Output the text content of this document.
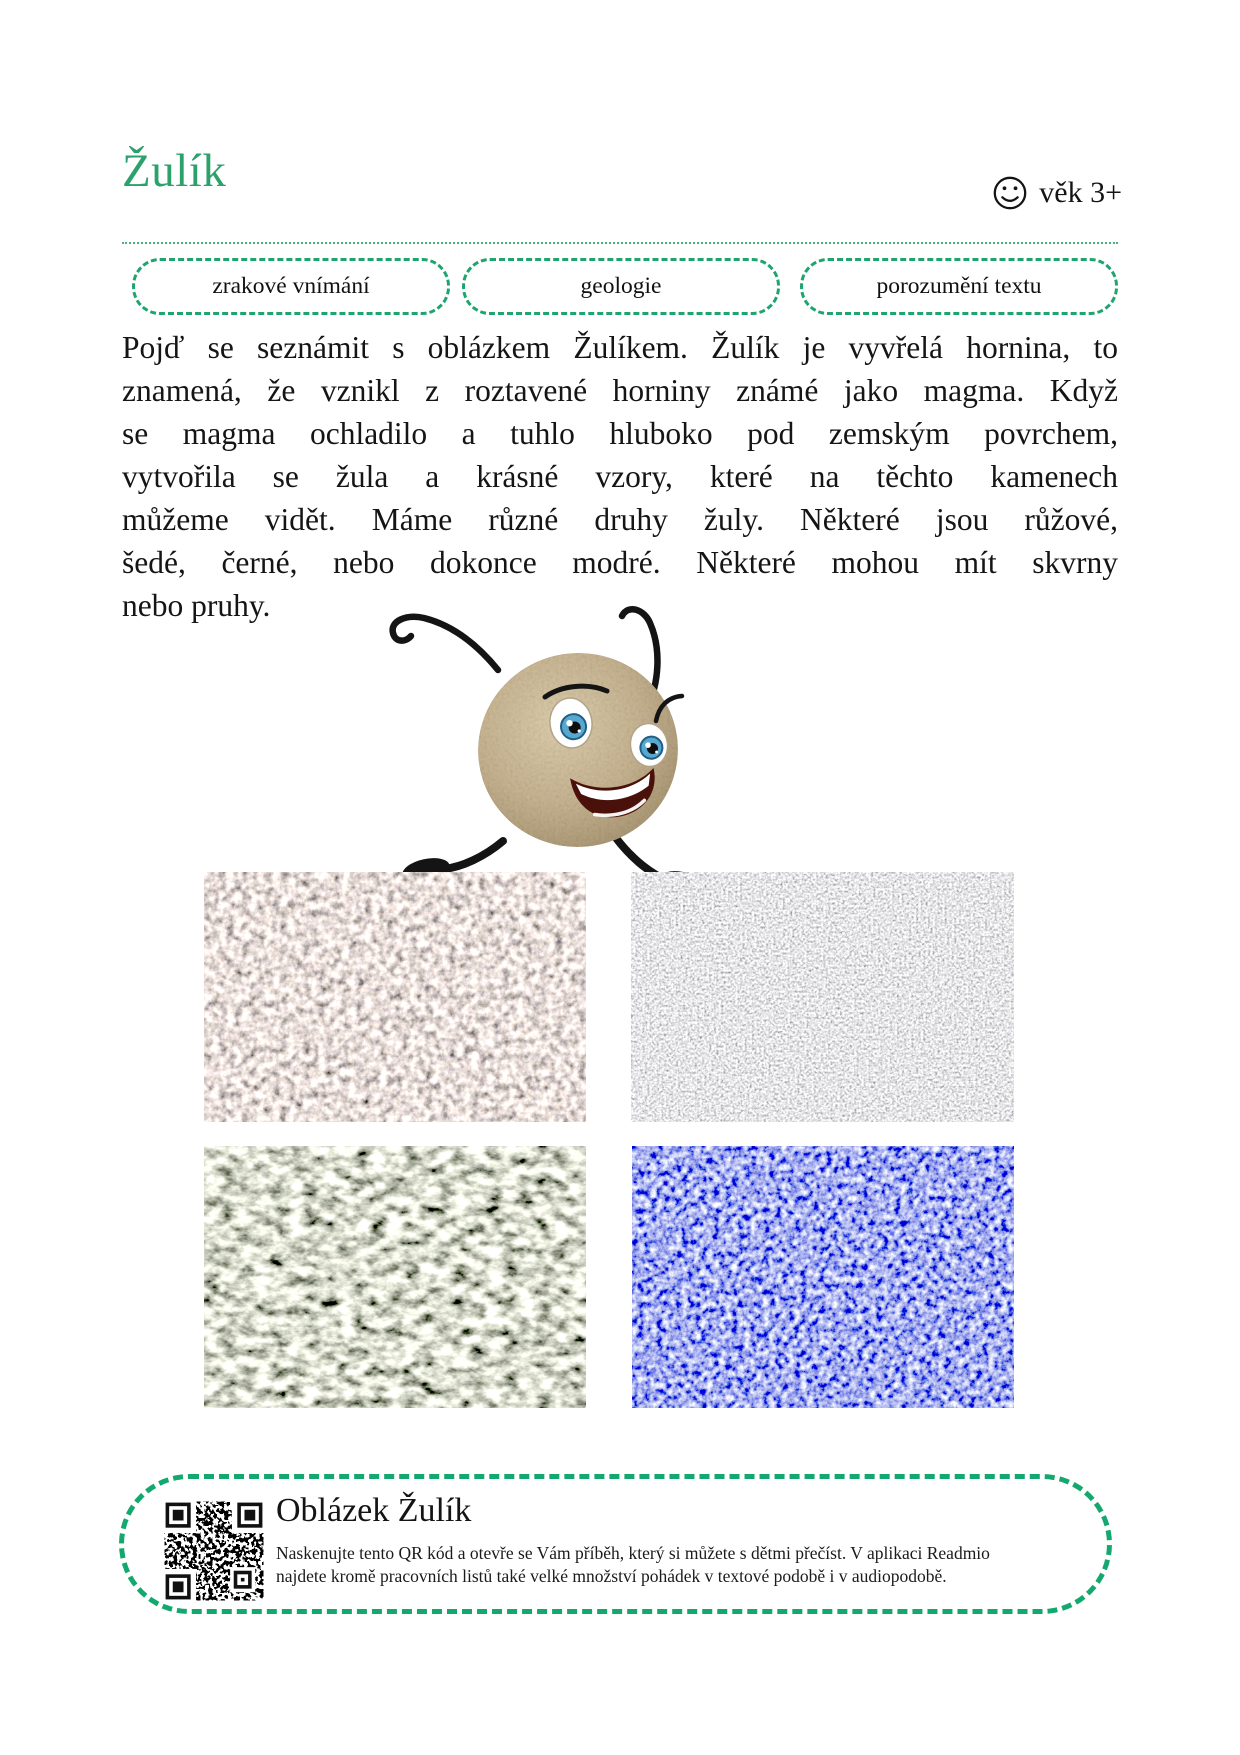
Žulík	věk 3+
zrakové vnímání	geologie	porozumění textu
Pojď se seznámit s oblázkem Žulíkem. Žulík je vyvřelá hornina, to
znamená, že vznikl z roztavené horniny známé jako magma. Když
se magma ochladilo a tuhlo hluboko pod zemským povrchem,
vytvořila se žula a krásné vzory, které na těchto kamenech
můžeme vidět. Máme různé druhy žuly. Některé jsou růžové,
šedé, černé, nebo dokonce modré. Některé mohou mít skvrny
nebo pruhy.
Oblázek Žulík
Naskenujte tento QR kód a otevře se Vám příběh, který si můžete s dětmi přečíst. V aplikaci Readmio
najdete kromě pracovních listů také velké množství pohádek v textové podobě i v audiopodobě.
